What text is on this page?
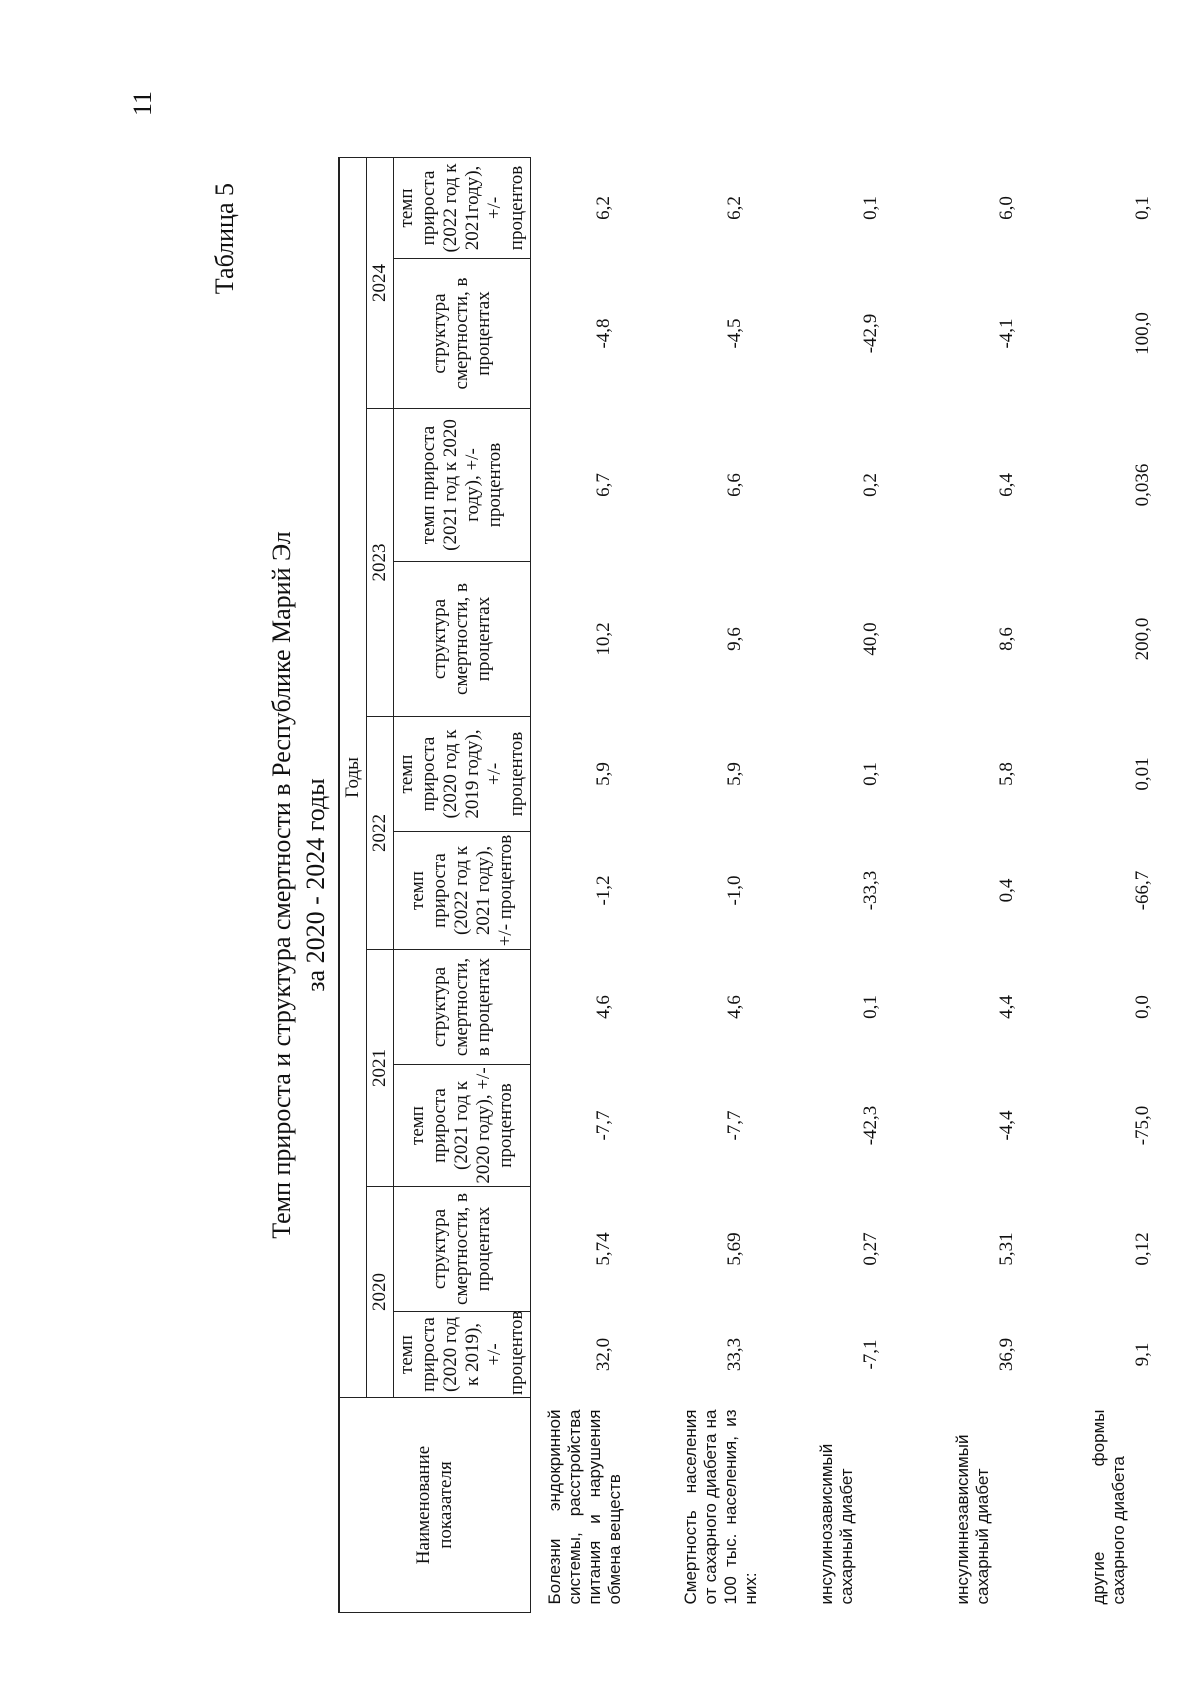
11
Таблица 5
Темп прироста и структура смертности в Республике Марий Эл за 2020 - 2024 годы
Наименование показателя	Годы									
	2020		2021		2022		2023		2024	
	темп прироста (2020 год к 2019), +/- процентов	структура смертности, в процентах	темп прироста (2021 год к 2020 году), +/- процентов	структура смертности, в процентах	темп прироста (2022 год к 2021 году), +/- процентов	темп прироста (2020 год к 2019 году), +/- процентов	структура смертности, в процентах	темп прироста (2021 год к 2020 году), +/- процентов	структура смертности, в процентах	темп прироста (2022 год к 2021году), +/- процентов
Болезни эндокринной системы, расстройства питания и нарушения обмена веществ	32,0	5,74	-7,7	4,6	-1,2	5,9	10,2	6,7	-4,8	6,2
Смертность населения от сахарного диабета на 100 тыс. населения, из них:	33,3	5,69	-7,7	4,6	-1,0	5,9	9,6	6,6	-4,5	6,2
инсулинозависимый сахарный диабет	-7,1	0,27	-42,3	0,1	-33,3	0,1	40,0	0,2	-42,9	0,1
инсулиннезависимый сахарный диабет	36,9	5,31	-4,4	4,4	0,4	5,8	8,6	6,4	-4,1	6,0
другие формы сахарного диабета	9,1	0,12	-75,0	0,0	-66,7	0,01	200,0	0,036	100,0	0,1
